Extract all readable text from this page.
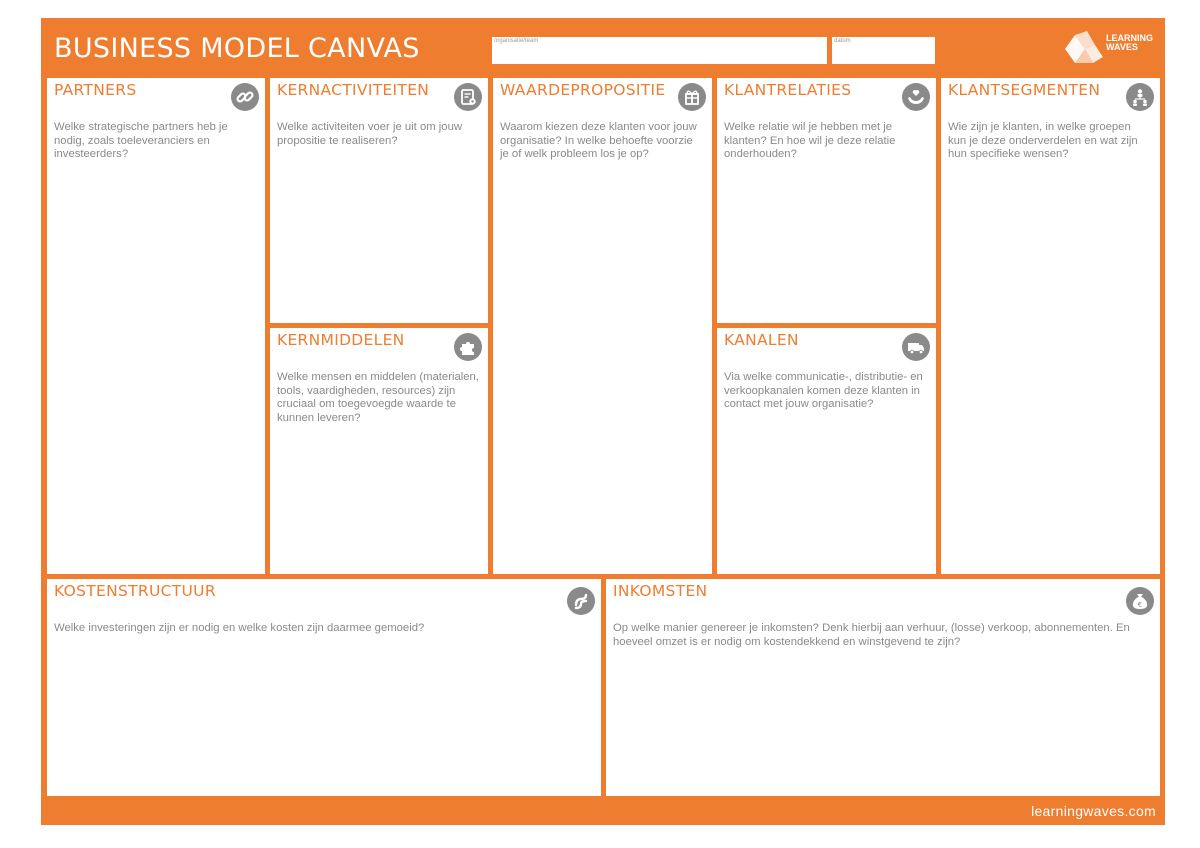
BUSINESS MODEL CANVAS	organisatie/team	datum	LEARNING
WAVES
PARTNERS

Welke strategische partners heb je nodig, zoals toeleveranciers en investeerders?

KERNACTIVITEITEN

Welke activiteiten voer je uit om jouw propositie te realiseren?

KERNMIDDELEN

Welke mensen en middelen (materialen, tools, vaardigheden, resources) zijn cruciaal om toegevoegde waarde te kunnen leveren?

WAARDEPROPOSITIE

Waarom kiezen deze klanten voor jouw organisatie? In welke behoefte voorzie je of welk probleem los je op?

KLANTRELATIES

Welke relatie wil je hebben met je klanten? En hoe wil je deze relatie onderhouden?

KANALEN

Via welke communicatie-, distributie- en verkoopkanalen komen deze klanten in contact met jouw organisatie?

KLANTSEGMENTEN

Wie zijn je klanten, in welke groepen kun je deze onderverdelen en wat zijn hun specifieke wensen?

KOSTENSTRUCTUUR

Welke investeringen zijn er nodig en welke kosten zijn daarmee gemoeid?

INKOMSTEN
€

Op welke manier genereer je inkomsten? Denk hierbij aan verhuur, (losse) verkoop, abonnementen. En hoeveel omzet is er nodig om kostendekkend en winstgevend te zijn?

learningwaves.com
